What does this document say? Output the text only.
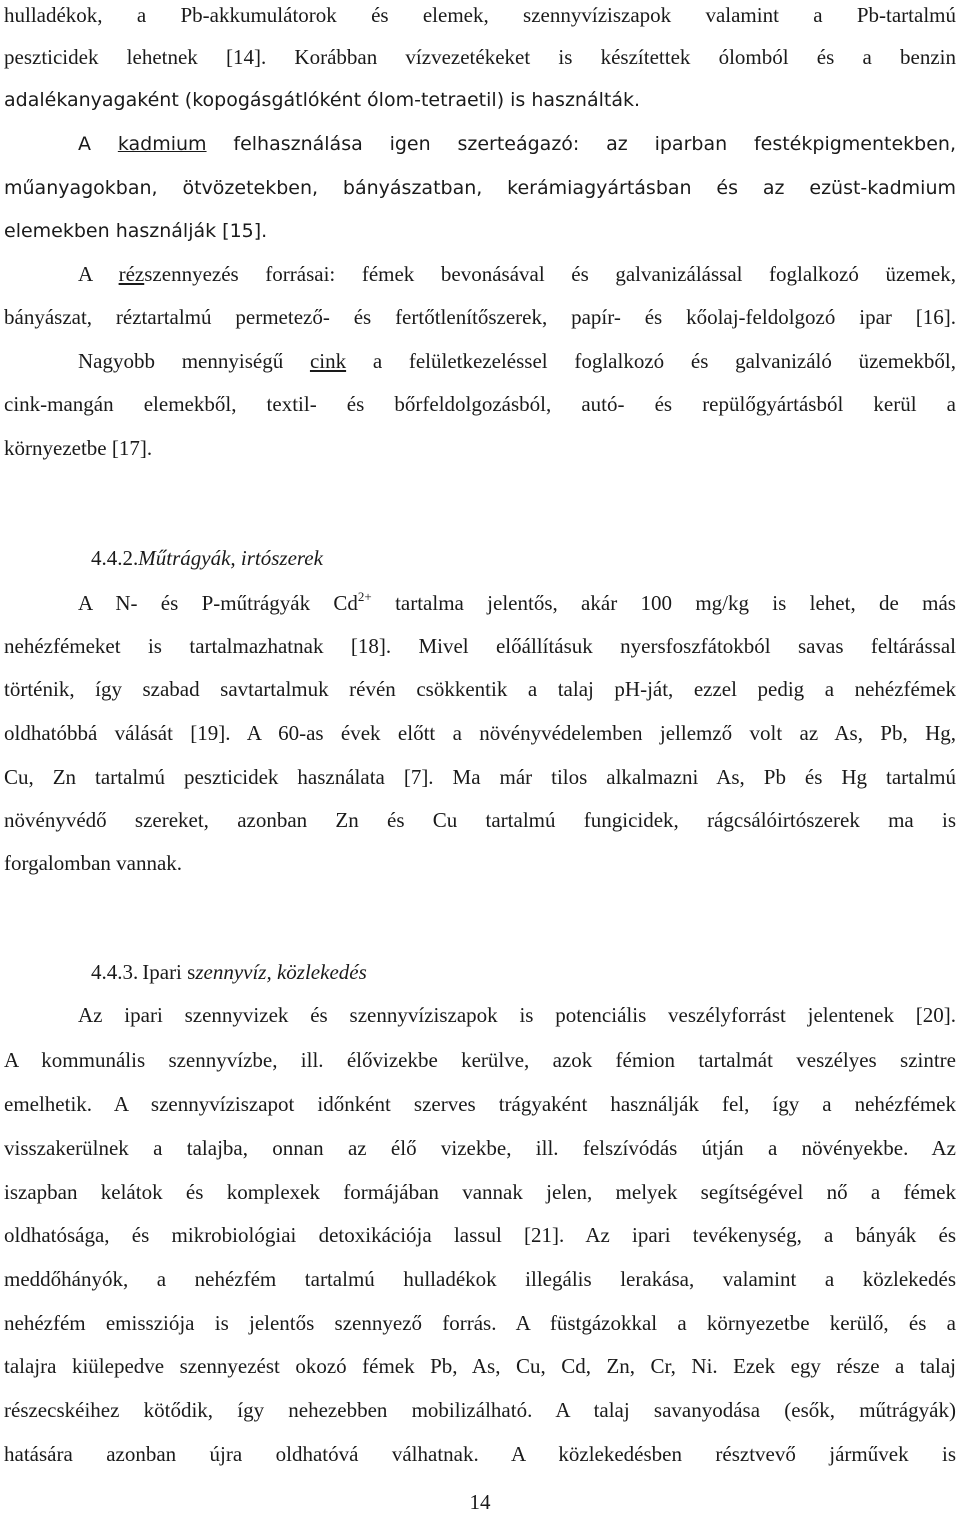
hulladékok, a Pb-akkumulátorok és elemek, szennyvíziszapok valamint a Pb-tartalmú
peszticidek lehetnek [14]. Korábban vízvezetékeket is készítettek ólomból és a benzin
adalékanyagaként (kopogásgátlóként ólom-tetraetil) is használták.
A kadmium felhasználása igen szerteágazó: az iparban festékpigmentekben,
műanyagokban, ötvözetekben, bányászatban, kerámiagyártásban és az ezüst-kadmium
elemekben használják [15].
A rézszennyezés forrásai: fémek bevonásával és galvanizálással foglalkozó üzemek,
bányászat, réztartalmú permetező- és fertőtlenítőszerek, papír- és kőolaj-feldolgozó ipar [16].
Nagyobb mennyiségű cink a felületkezeléssel foglalkozó és galvanizáló üzemekből,
cink-mangán elemekből, textil- és bőrfeldolgozásból, autó- és repülőgyártásból kerül a
környezetbe [17].
4.4.2.Műtrágyák, irtószerek
A N- és P-műtrágyák $Cd^{2+}$ tartalma jelentős, akár 100 mg/kg is lehet, de más
nehézfémeket is tartalmazhatnak [18]. Mivel előállításuk nyersfoszfátokból savas feltárással
történik, így szabad savtartalmuk révén csökkentik a talaj pH-ját, ezzel pedig a nehézfémek
oldhatóbbá válását [19]. A 60-as évek előtt a növényvédelemben jellemző volt az As, Pb, Hg,
Cu, Zn tartalmú peszticidek használata [7]. Ma már tilos alkalmazni As, Pb és Hg tartalmú
növényvédő szereket, azonban Zn és Cu tartalmú fungicidek, rágcsálóirtószerek ma is
forgalomban vannak.
4.4.3. Ipari szennyvíz, közlekedés
Az ipari szennyvizek és szennyvíziszapok is potenciális veszélyforrást jelentenek [20].
A kommunális szennyvízbe, ill. élővizekbe kerülve, azok fémion tartalmát veszélyes szintre
emelhetik. A szennyvíziszapot időnként szerves trágyaként használják fel, így a nehézfémek
visszakerülnek a talajba, onnan az élő vizekbe, ill. felszívódás útján a növényekbe. Az
iszapban kelátok és komplexek formájában vannak jelen, melyek segítségével nő a fémek
oldhatósága, és mikrobiológiai detoxikációja lassul [21]. Az ipari tevékenység, a bányák és
meddőhányók, a nehézfém tartalmú hulladékok illegális lerakása, valamint a közlekedés
nehézfém emissziója is jelentős szennyező forrás. A füstgázokkal a környezetbe kerülő, és a
talajra kiülepedve szennyezést okozó fémek Pb, As, Cu, Cd, Zn, Cr, Ni. Ezek egy része a talaj
részecskéihez kötődik, így nehezebben mobilizálható. A talaj savanyodása (esők, műtrágyák)
hatására azonban újra oldhatóvá válhatnak. A közlekedésben résztvevő járművek is
14
